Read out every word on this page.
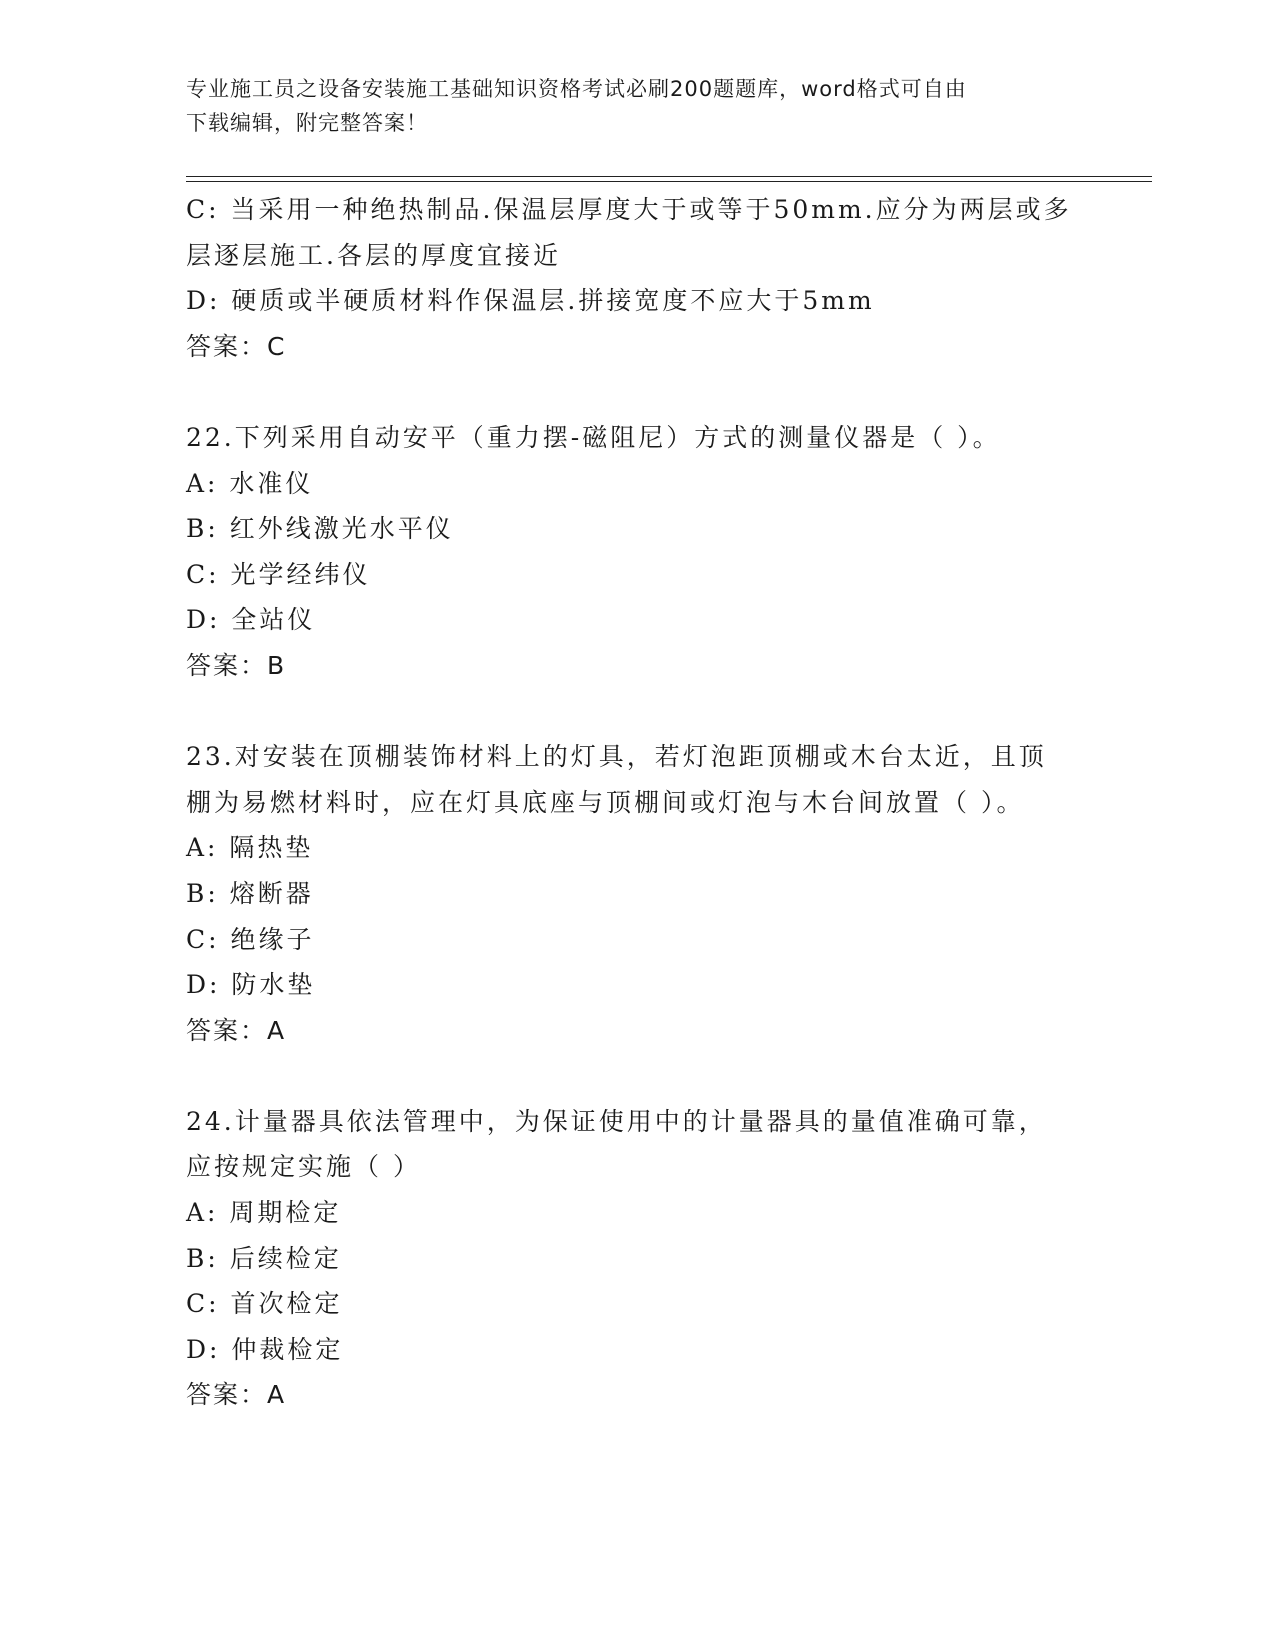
专业施工员之设备安装施工基础知识资格考试必刷200题题库，word格式可自由
下载编辑，附完整答案！
C: 当采用一种绝热制品.保温层厚度大于或等于50mm.应分为两层或多
层逐层施工.各层的厚度宜接近
D: 硬质或半硬质材料作保温层.拼接宽度不应大于5mm
答案：C
22.下列采用自动安平（重力摆-磁阻尼）方式的测量仪器是（ ）。
A: 水准仪
B: 红外线激光水平仪
C: 光学经纬仪
D: 全站仪
答案：B
23.对安装在顶棚装饰材料上的灯具，若灯泡距顶棚或木台太近，且顶
棚为易燃材料时，应在灯具底座与顶棚间或灯泡与木台间放置（ ）。
A: 隔热垫
B: 熔断器
C: 绝缘子
D: 防水垫
答案：A
24.计量器具依法管理中，为保证使用中的计量器具的量值准确可靠，
应按规定实施（ ）
A: 周期检定
B: 后续检定
C: 首次检定
D: 仲裁检定
答案：A
